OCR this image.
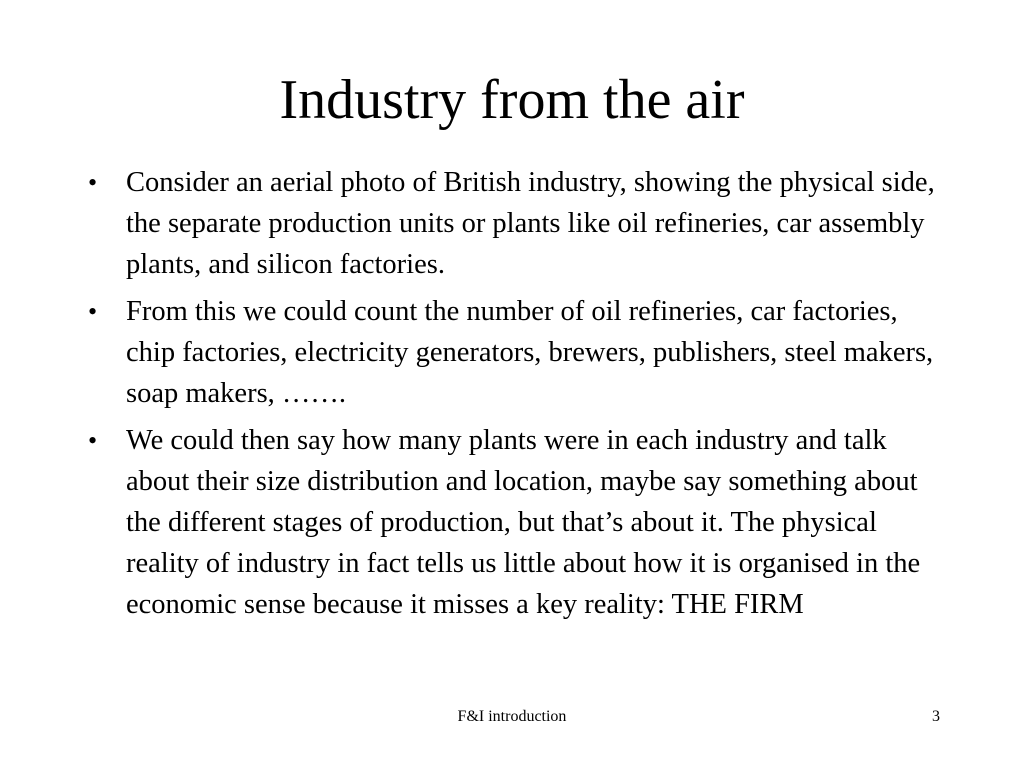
Industry from the air
• Consider an aerial photo of British industry, showing the physical side, the separate production units or plants like oil refineries, car assembly plants, and silicon factories.
• From this we could count the number of oil refineries, car factories, chip factories, electricity generators, brewers, publishers, steel makers, soap makers, …….
• We could then say how many plants were in each industry and talk about their size distribution and location, maybe say something about the different stages of production, but that’s about it. The physical reality of industry in fact tells us little about how it is organised in the economic sense because it misses a key reality: THE FIRM
F&I introduction	3
